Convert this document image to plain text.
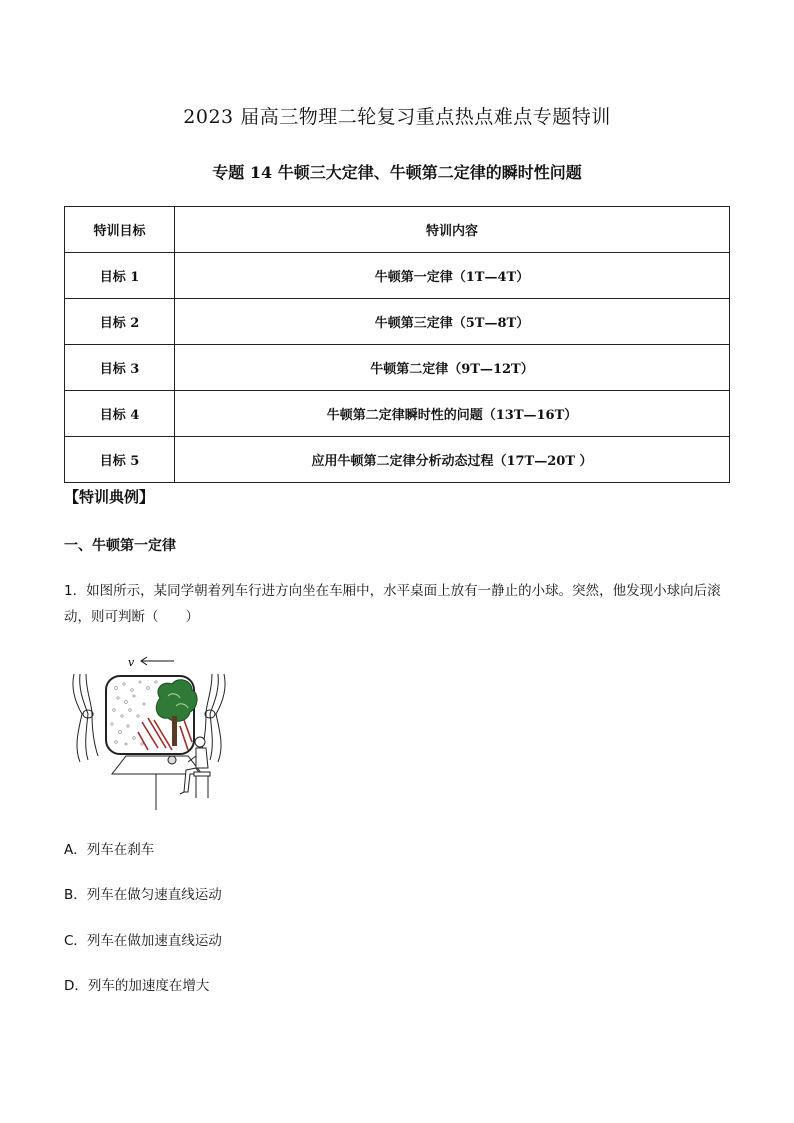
2023 届高三物理二轮复习重点热点难点专题特训
专题 14 牛顿三大定律、牛顿第二定律的瞬时性问题
特训目标	特训内容
目标 1	牛顿第一定律（1T—4T）
目标 2	牛顿第三定律（5T—8T）
目标 3	牛顿第二定律（9T—12T）
目标 4	牛顿第二定律瞬时性的问题（13T—16T）
目标 5	应用牛顿第二定律分析动态过程（17T—20T ）
【特训典例】
一、牛顿第一定律
1．如图所示，某同学朝着列车行进方向坐在车厢中，水平桌面上放有一静止的小球。突然，他发现小球向后滚动，则可判断（　　）
v
A．列车在刹车
B．列车在做匀速直线运动
C．列车在做加速直线运动
D．列车的加速度在增大
